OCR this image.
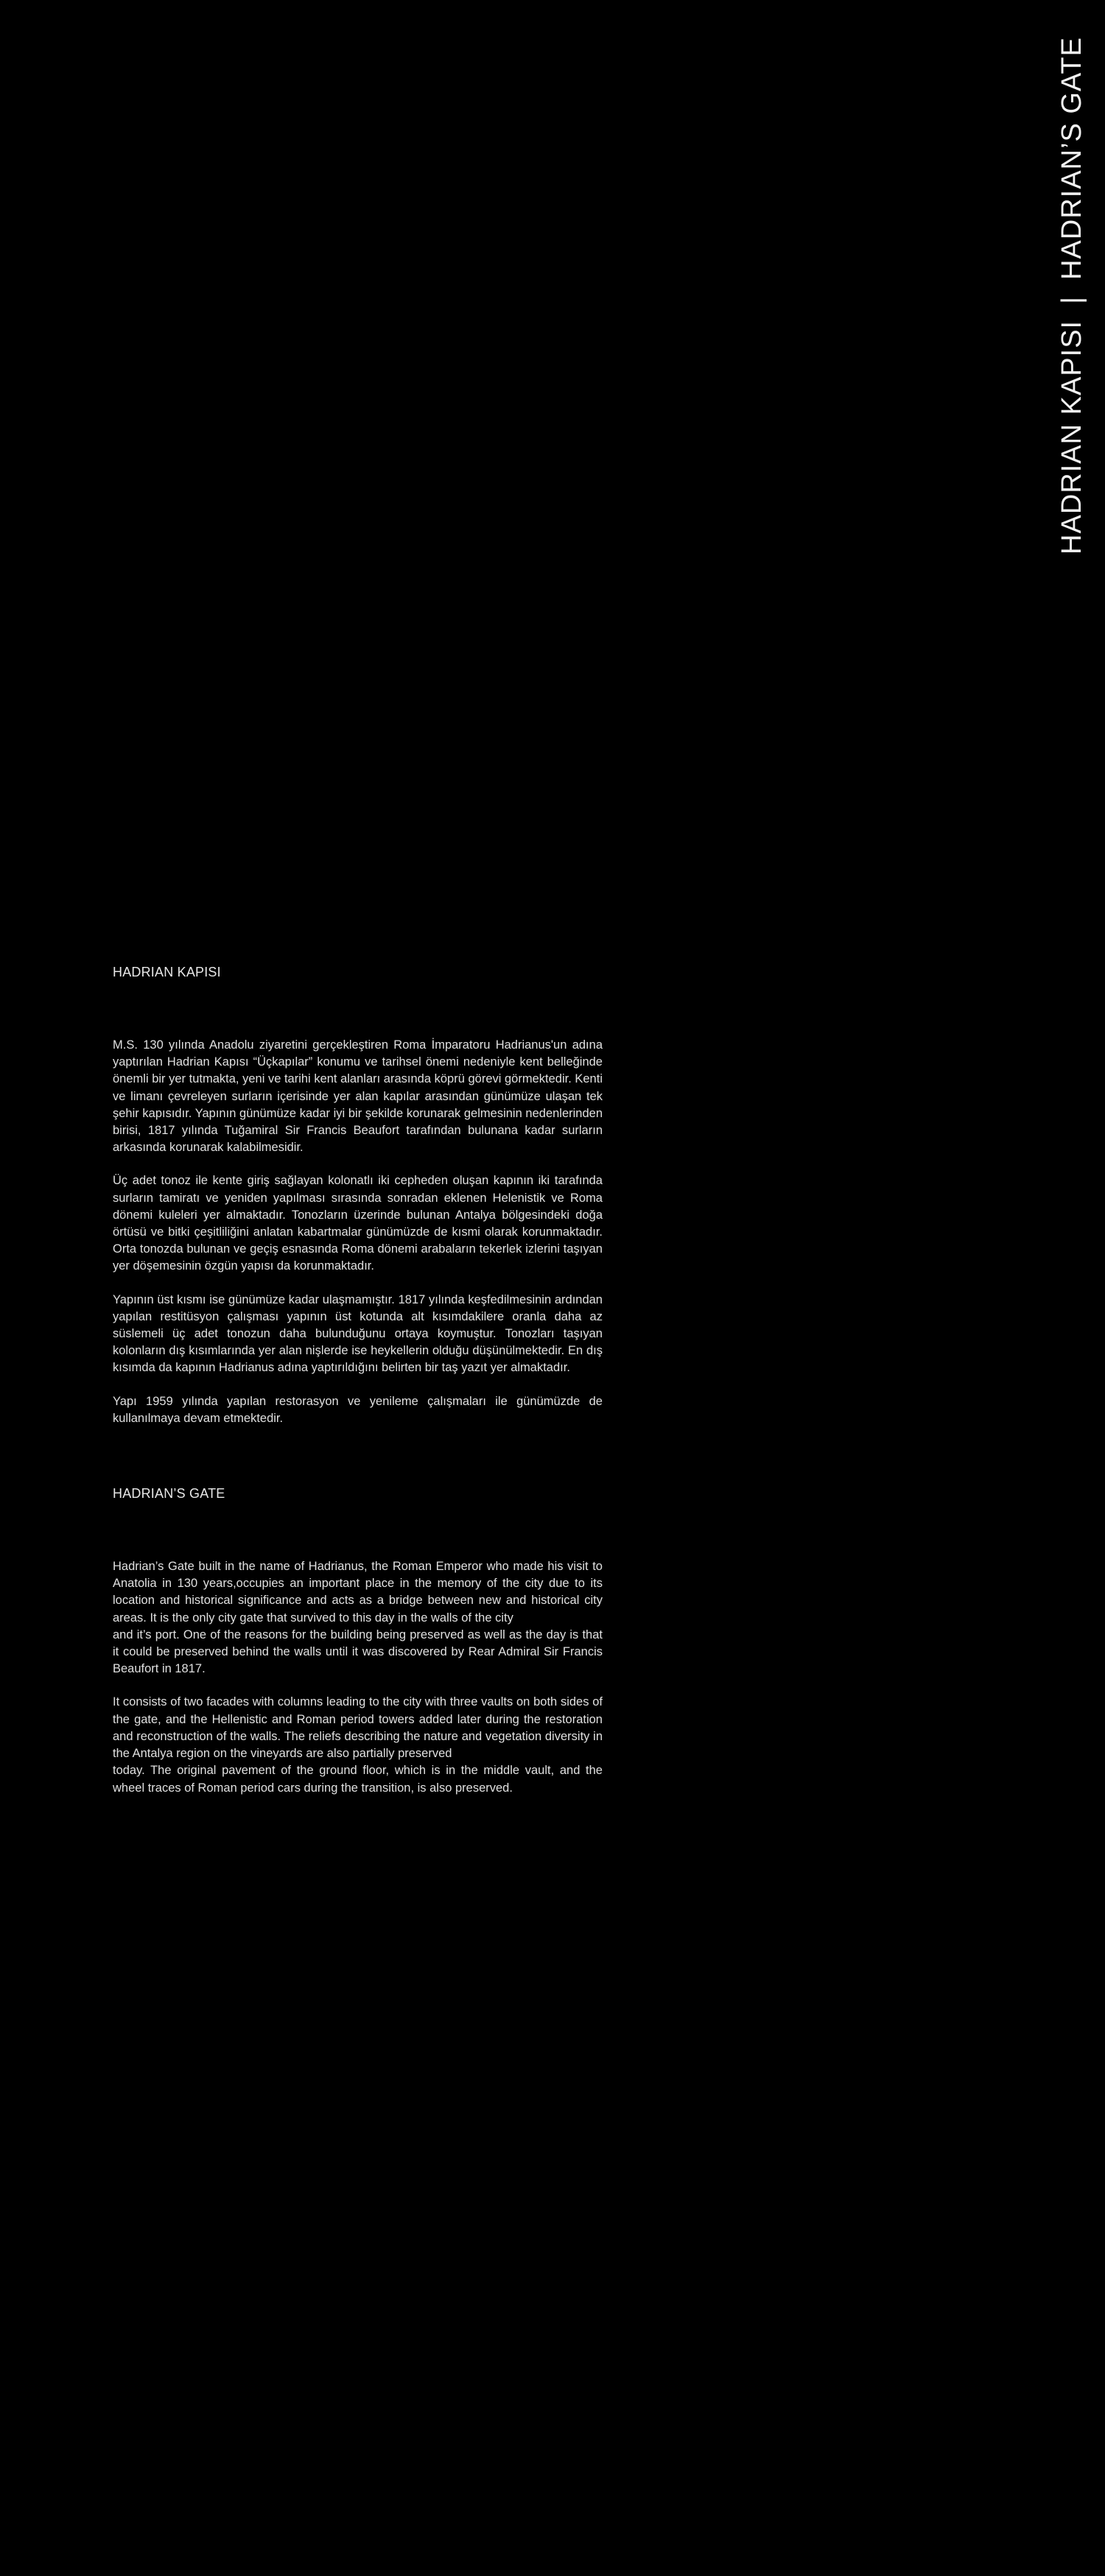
HADRIAN KAPISI
|
HADRIAN’S GATE
HADRIAN KAPISI

M.S. 130 yılında Anadolu ziyaretini gerçekleştiren Roma İmparatoru Hadrianus'un adına yaptırılan Hadrian Kapısı “Üçkapılar” konumu ve tarihsel önemi nedeniyle kent belleğinde önemli bir yer tutmakta, yeni ve tarihi kent alanları arasında köprü görevi görmektedir. Kenti ve limanı çevreleyen surların içerisinde yer alan kapılar arasından günümüze ulaşan tek şehir kapısıdır. Yapının günümüze kadar iyi bir şekilde korunarak gelmesinin nedenlerinden birisi, 1817 yılında Tuğamiral Sir Francis Beaufort tarafından bulunana kadar surların arkasında korunarak kalabilmesidir.

Üç adet tonoz ile kente giriş sağlayan kolonatlı iki cepheden oluşan kapının iki tarafında surların tamiratı ve yeniden yapılması sırasında sonradan eklenen Helenistik ve Roma dönemi kuleleri yer almaktadır. Tonozların üzerinde bulunan Antalya bölgesindeki doğa örtüsü ve bitki çeşitliliğini anlatan kabartmalar günümüzde de kısmi olarak korunmaktadır. Orta tonozda bulunan ve geçiş esnasında Roma dönemi arabaların tekerlek izlerini taşıyan yer döşemesinin özgün yapısı da korunmaktadır.

Yapının üst kısmı ise günümüze kadar ulaşmamıştır. 1817 yılında keşfedilmesinin ardından yapılan restitüsyon çalışması yapının üst kotunda alt kısımdakilere oranla daha az süslemeli üç adet tonozun daha bulunduğunu ortaya koymuştur. Tonozları taşıyan kolonların dış kısımlarında yer alan nişlerde ise heykellerin olduğu düşünülmektedir. En dış kısımda da kapının Hadrianus adına yaptırıldığını belirten bir taş yazıt yer almaktadır.

Yapı 1959 yılında yapılan restorasyon ve yenileme çalışmaları ile günümüzde de kullanılmaya devam etmektedir.

HADRIAN’S GATE

Hadrian’s Gate built in the name of Hadrianus, the Roman Emperor who made his visit to Anatolia in 130 years,occupies an important place in the memory of the city due to its location and historical significance and acts as a bridge between new and historical city areas. It is the only city gate that survived to this day in the walls of the city
and it’s port. One of the reasons for the building being preserved as well as the day is that it could be preserved behind the walls until it was discovered by Rear Admiral Sir Francis Beaufort in 1817.

It consists of two facades with columns leading to the city with three vaults on both sides of the gate, and the Hellenistic and Roman period towers added later during the restoration and reconstruction of the walls. The reliefs describing the nature and vegetation diversity in the Antalya region on the vineyards are also partially preserved
today. The original pavement of the ground floor, which is in the middle vault, and the wheel traces of Roman period cars during the transition, is also preserved.
